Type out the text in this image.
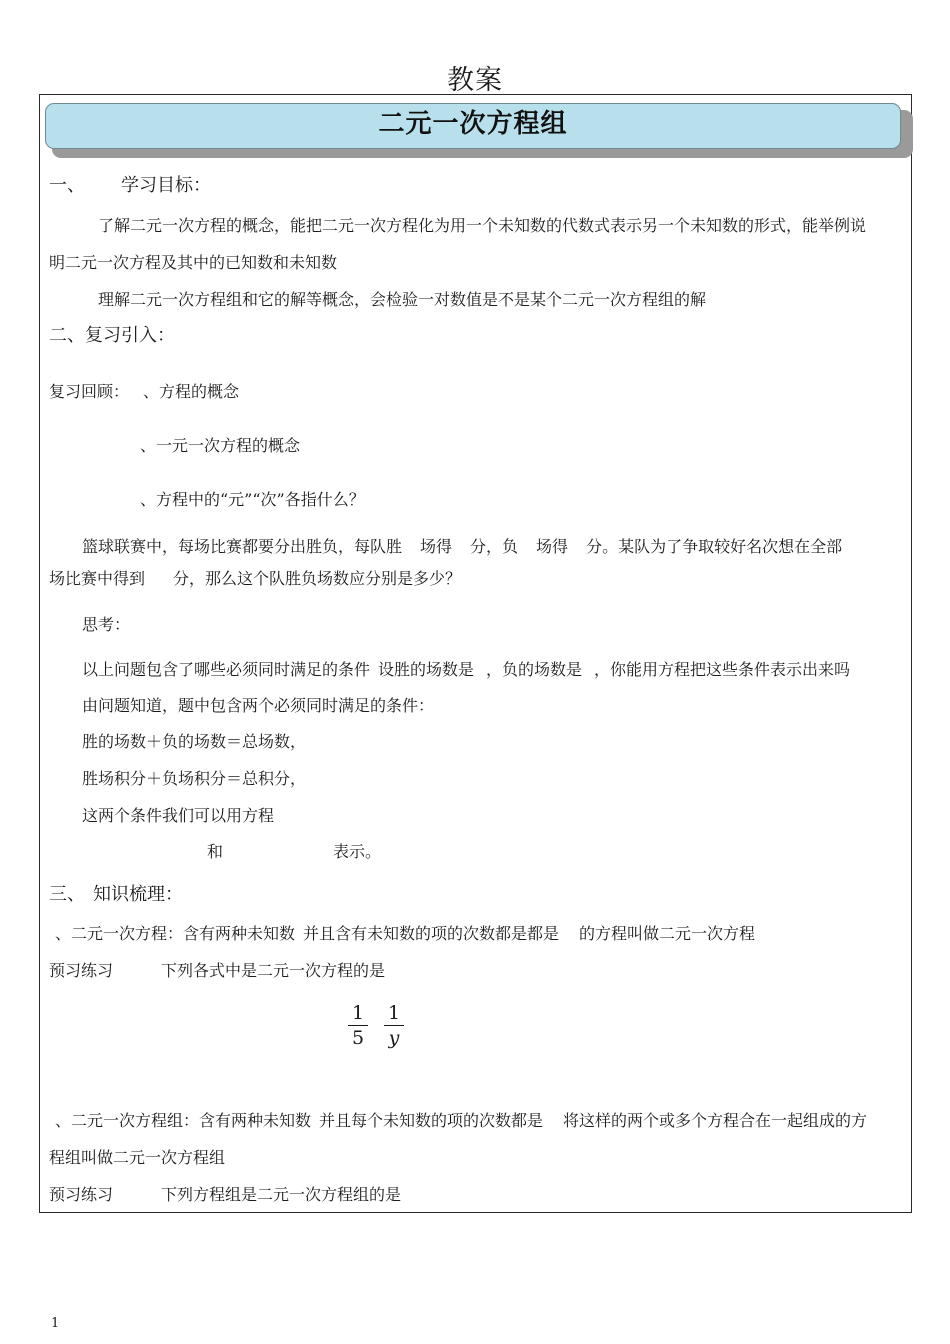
教案
二元一次方程组
一、 学习目标：
了解二元一次方程的概念，能把二元一次方程化为用一个未知数的代数式表示另一个未知数的形式，能举例说
明二元一次方程及其中的已知数和未知数
理解二元一次方程组和它的解等概念，会检验一对数值是不是某个二元一次方程组的解
二、复习引入：
复习回顾： 、方程的概念
、一元一次方程的概念
、方程中的“元”“次”各指什么？
篮球联赛中，每场比赛都要分出胜负，每队胜 场得 分，负 场得 分。某队为了争取较好名次想在全部
场比赛中得到 分，那么这个队胜负场数应分别是多少？
思考：
以上问题包含了哪些必须同时满足的条件 设胜的场数是 ，负的场数是 ，你能用方程把这些条件表示出来吗
由问题知道，题中包含两个必须同时满足的条件：
胜的场数＋负的场数＝总场数，
胜场积分＋负场积分＝总积分，
这两个条件我们可以用方程
和	表示。
三、 知识梳理：
、二元一次方程：含有两种未知数 并且含有未知数的项的次数都是都是 的方程叫做二元一次方程
预习练习	下列各式中是二元一次方程的是
1
5
1
y
、二元一次方程组：含有两种未知数 并且每个未知数的项的次数都是 将这样的两个或多个方程合在一起组成的方
程组叫做二元一次方程组
预习练习	下列方程组是二元一次方程组的是
1
